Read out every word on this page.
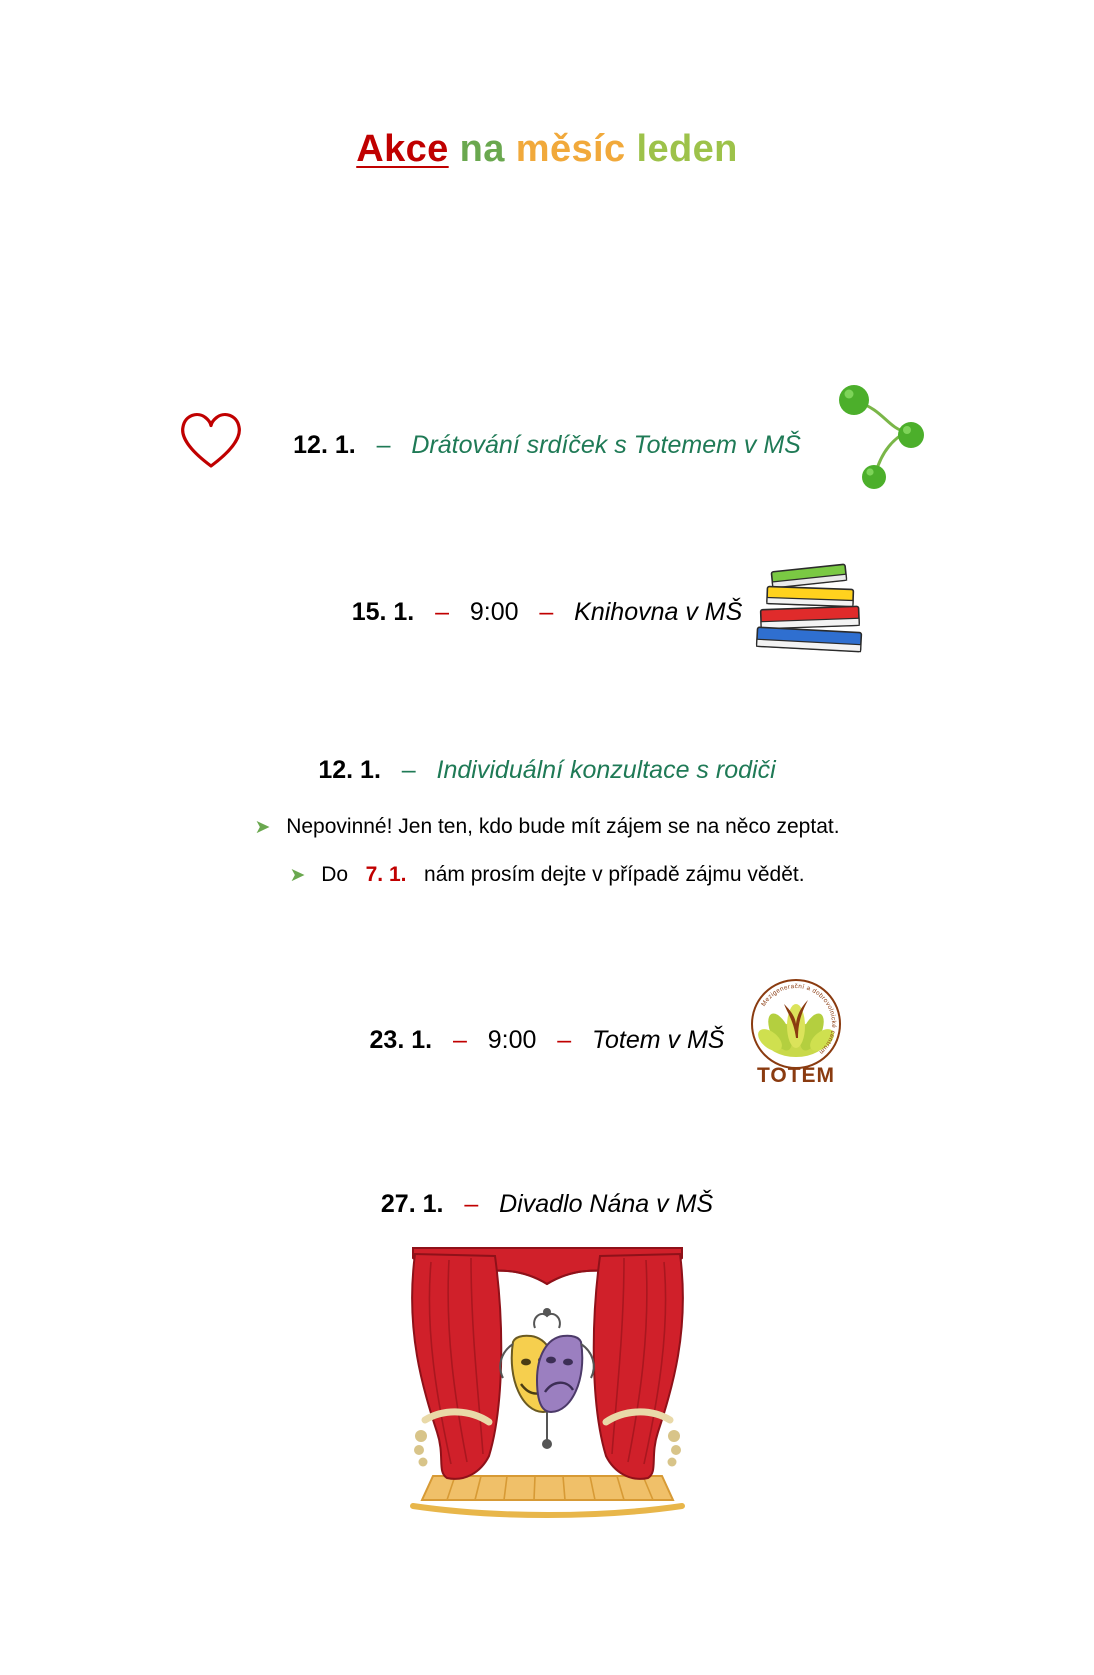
Akce na měsíc leden
12. 1. – Drátování srdíček s Totemem v MŠ
15. 1. – 9:00 – Knihovna v MŠ
12. 1. – Individuální konzultace s rodiči
➤ Nepovinné! Jen ten, kdo bude mít zájem se na něco zeptat.
➤ Do 7. 1. nám prosím dejte v případě zájmu vědět.
Mezigenerační a dobrovolnické centrum
TOTEM
23. 1. – 9:00 – Totem v MŠ
27. 1. – Divadlo Nána v MŠ
